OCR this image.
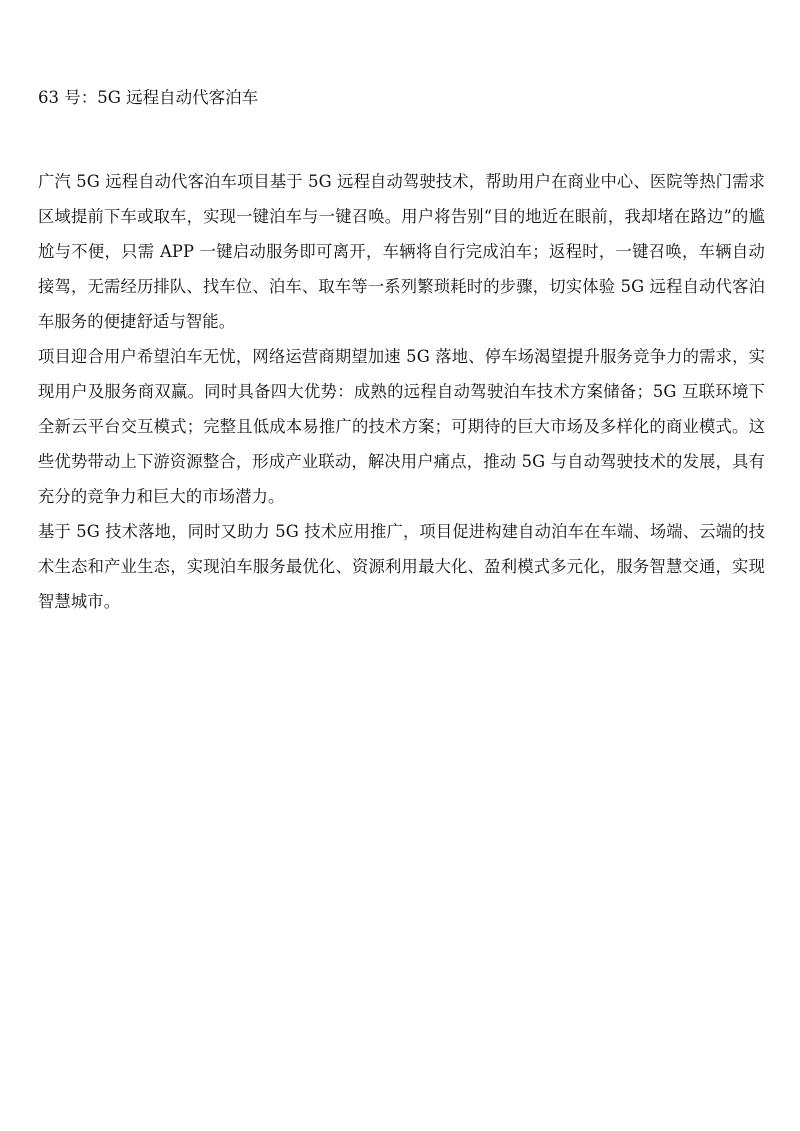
63 号：5G 远程自动代客泊车

广汽 5G 远程自动代客泊车项目基于 5G 远程自动驾驶技术，帮助用户在商业中心、医院等热门需求区域提前下车或取车，实现一键泊车与一键召唤。用户将告别“目的地近在眼前，我却堵在路边”的尴尬与不便，只需 APP 一键启动服务即可离开，车辆将自行完成泊车；返程时，一键召唤，车辆自动接驾，无需经历排队、找车位、泊车、取车等一系列繁琐耗时的步骤，切实体验 5G 远程自动代客泊车服务的便捷舒适与智能。

项目迎合用户希望泊车无忧，网络运营商期望加速 5G 落地、停车场渴望提升服务竞争力的需求，实现用户及服务商双赢。同时具备四大优势：成熟的远程自动驾驶泊车技术方案储备；5G 互联环境下全新云平台交互模式；完整且低成本易推广的技术方案；可期待的巨大市场及多样化的商业模式。这些优势带动上下游资源整合，形成产业联动，解决用户痛点，推动 5G 与自动驾驶技术的发展，具有充分的竞争力和巨大的市场潜力。

基于 5G 技术落地，同时又助力 5G 技术应用推广，项目促进构建自动泊车在车端、场端、云端的技术生态和产业生态，实现泊车服务最优化、资源利用最大化、盈利模式多元化，服务智慧交通，实现智慧城市。
